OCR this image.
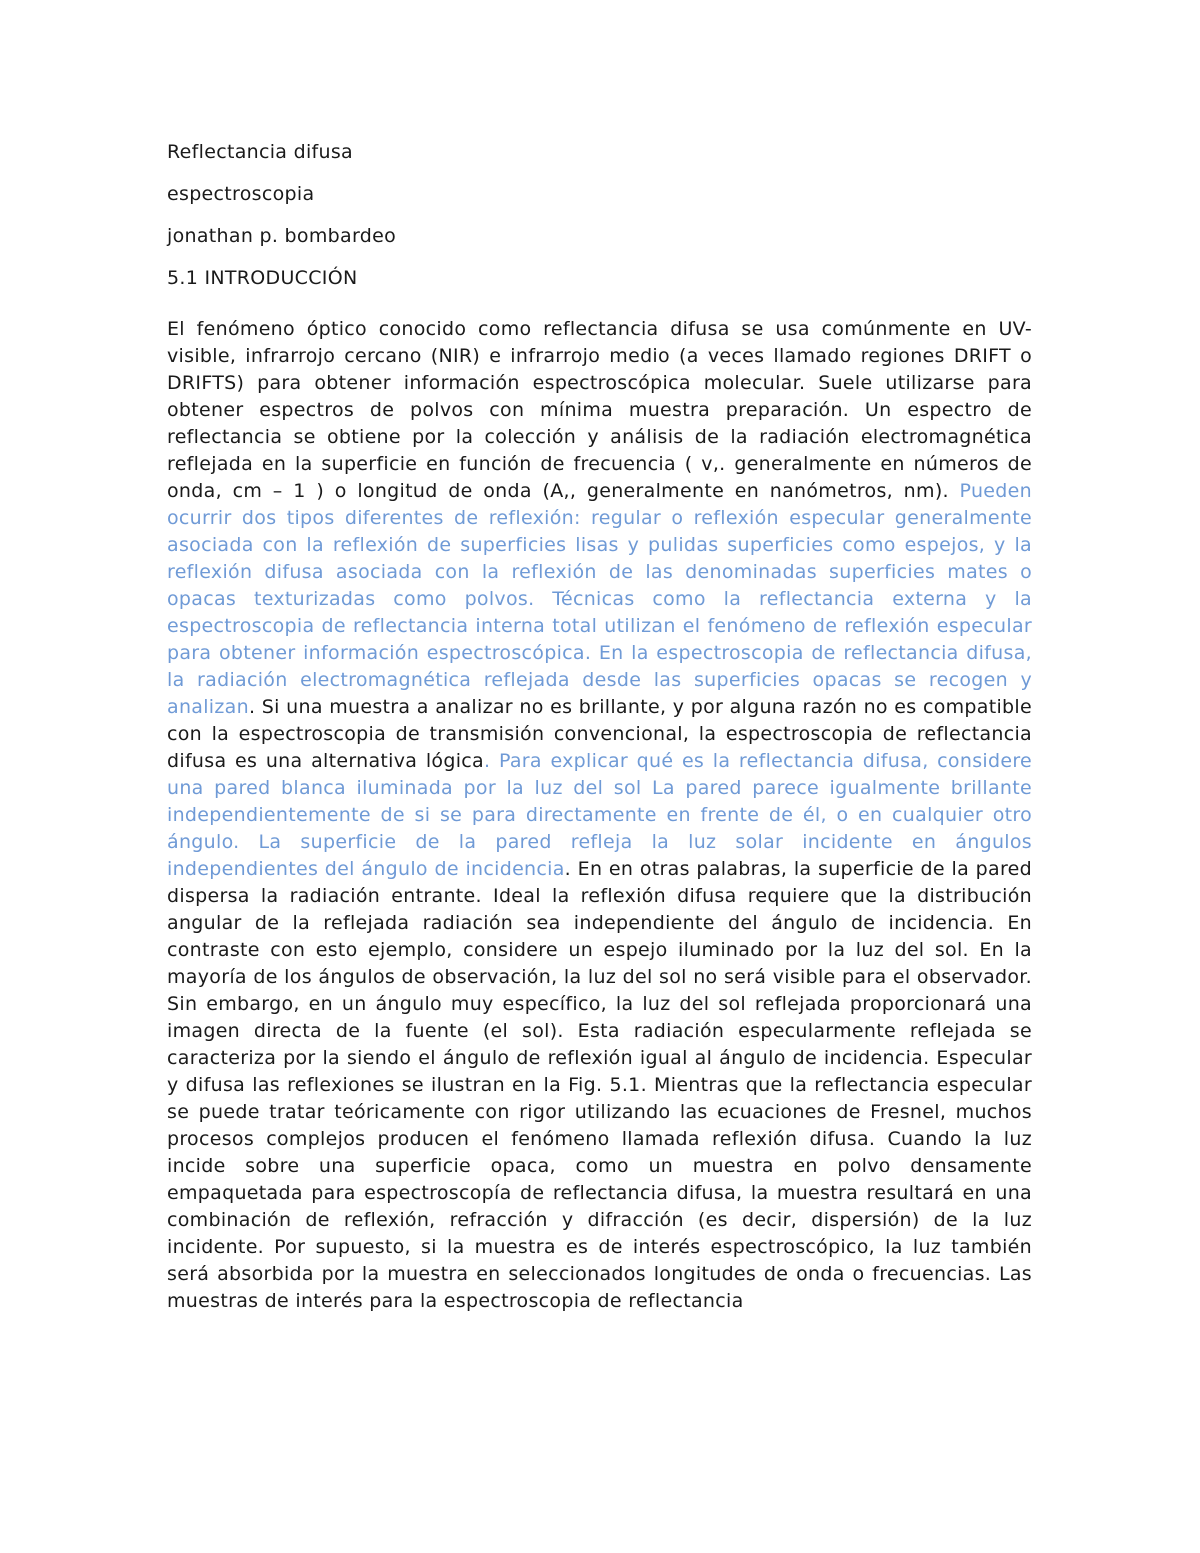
Reflectancia difusa
espectroscopia
jonathan p. bombardeo
5.1 INTRODUCCIÓN

El fenómeno óptico conocido como reflectancia difusa se usa comúnmente en UV-visible, infrarrojo cercano (NIR) e infrarrojo medio (a veces llamado regiones DRIFT o DRIFTS) para obtener información espectroscópica molecular. Suele utilizarse para obtener espectros de polvos con mínima muestra preparación. Un espectro de reflectancia se obtiene por la colección y análisis de la radiación electromagnética reflejada en la superficie en función de frecuencia ( v,. generalmente en números de onda, cm – 1 ) o longitud de onda (A,, generalmente en nanómetros, nm). Pueden ocurrir dos tipos diferentes de reflexión: regular o reflexión especular generalmente asociada con la reflexión de superficies lisas y pulidas superficies como espejos, y la reflexión difusa asociada con la reflexión de las denominadas superficies mates o opacas texturizadas como polvos. Técnicas como la reflectancia externa y la espectroscopia de reflectancia interna total utilizan el fenómeno de reflexión especular para obtener información espectroscópica. En la espectroscopia de reflectancia difusa, la radiación electromagnética reflejada desde las superficies opacas se recogen y analizan. Si una muestra a analizar no es brillante, y por alguna razón no es compatible con la espectroscopia de transmisión convencional, la espectroscopia de reflectancia difusa es una alternativa lógica. Para explicar qué es la reflectancia difusa, considere una pared blanca iluminada por la luz del sol La pared parece igualmente brillante independientemente de si se para directamente en frente de él, o en cualquier otro ángulo. La superficie de la pared refleja la luz solar incidente en ángulos independientes del ángulo de incidencia. En en otras palabras, la superficie de la pared dispersa la radiación entrante. Ideal la reflexión difusa requiere que la distribución angular de la reflejada radiación sea independiente del ángulo de incidencia. En contraste con esto ejemplo, considere un espejo iluminado por la luz del sol. En la mayoría de los ángulos de observación, la luz del sol no será visible para el observador. Sin embargo, en un ángulo muy específico, la luz del sol reflejada proporcionará una imagen directa de la fuente (el sol). Esta radiación especularmente reflejada se caracteriza por la siendo el ángulo de reflexión igual al ángulo de incidencia. Especular y difusa las reflexiones se ilustran en la Fig. 5.1. Mientras que la reflectancia especular se puede tratar teóricamente con rigor utilizando las ecuaciones de Fresnel, muchos procesos complejos producen el fenómeno llamada reflexión difusa. Cuando la luz incide sobre una superficie opaca, como un muestra en polvo densamente empaquetada para espectroscopía de reflectancia difusa, la muestra resultará en una combinación de reflexión, refracción y difracción (es decir, dispersión) de la luz incidente. Por supuesto, si la muestra es de interés espectroscópico, la luz también será absorbida por la muestra en seleccionados longitudes de onda o frecuencias. Las muestras de interés para la espectroscopia de reflectancia
